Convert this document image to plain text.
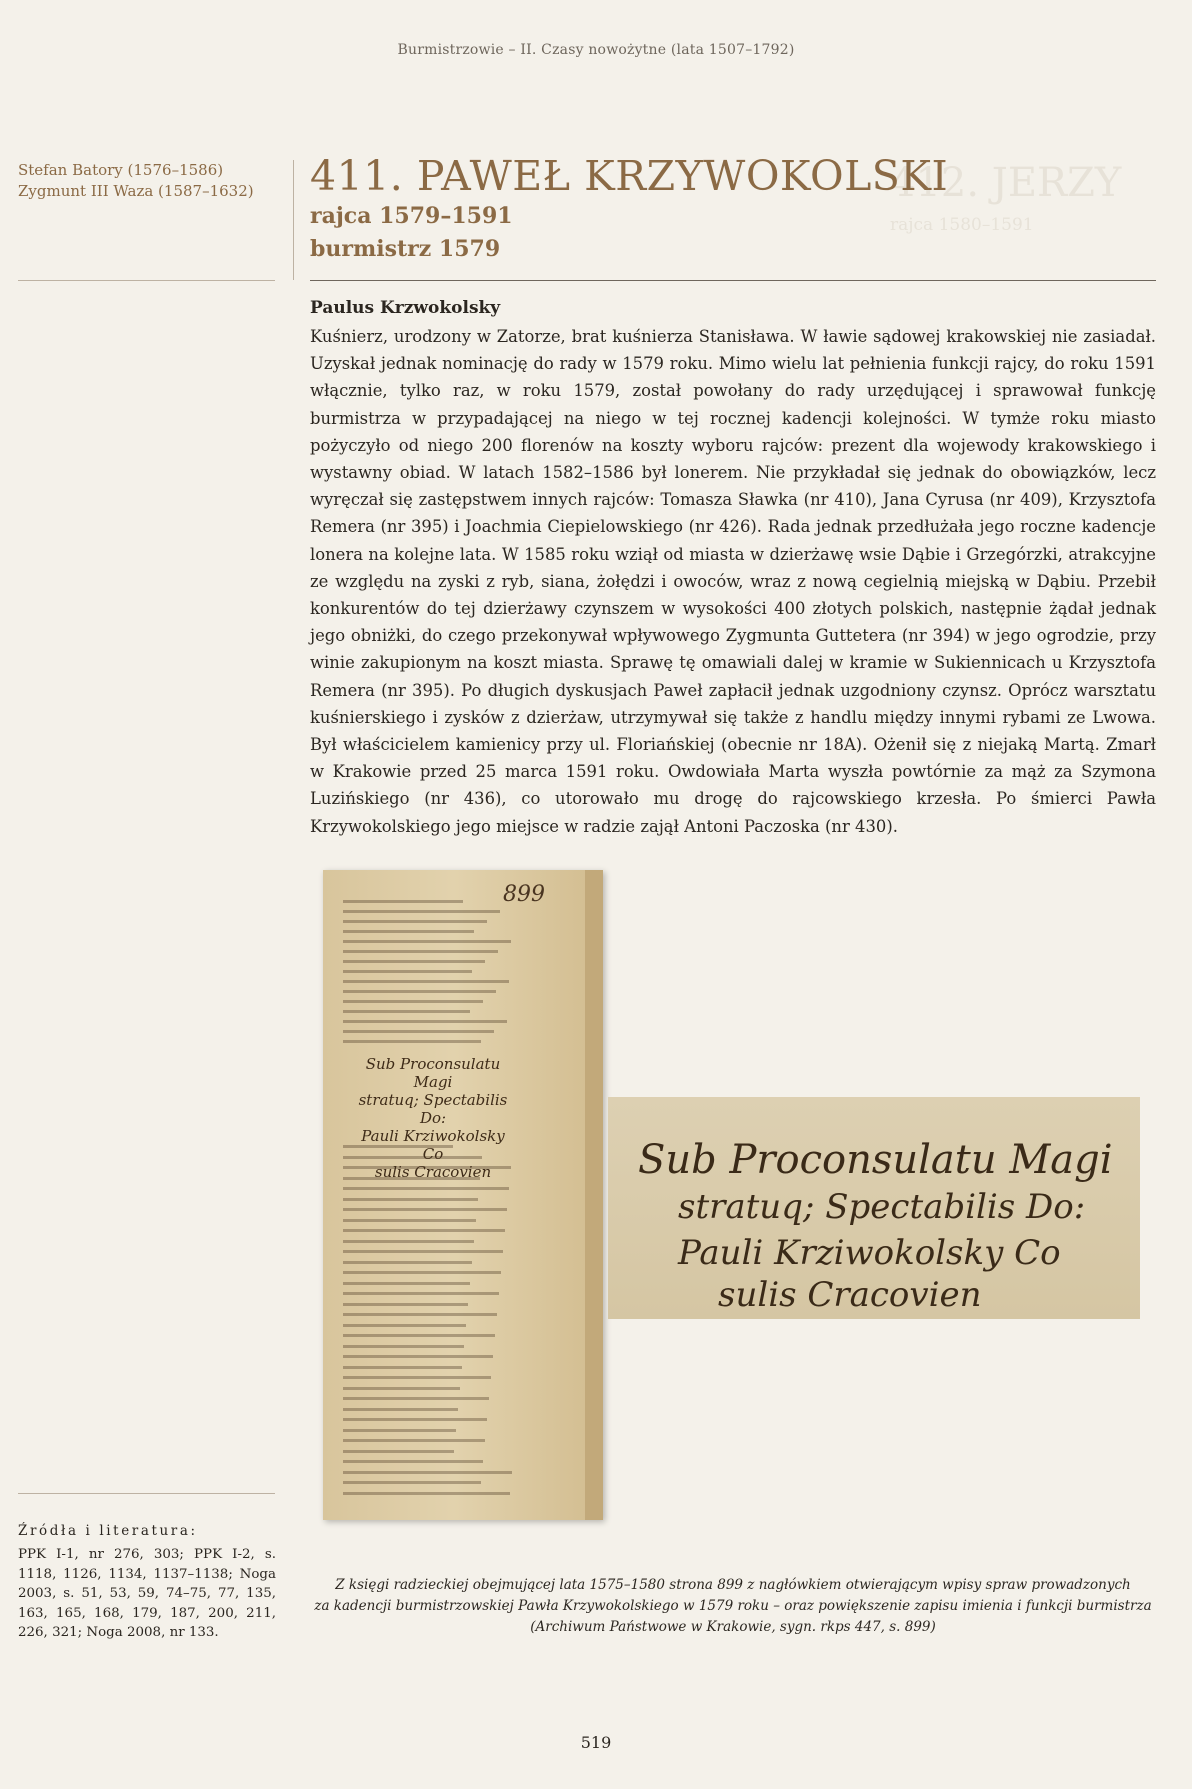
Burmistrzowie – II. Czasy nowożytne (lata 1507–1792)
Stefan Batory (1576–1586)
Zygmunt III Waza (1587–1632)	412. JERZY
rajca 1580–1591
411. PAWEŁ KRZYWOKOLSKI
rajca 1579–1591
burmistrz 1579
Paulus Krzwokolsky
Kuśnierz, urodzony w Zatorze, brat kuśnierza Stanisława. W ławie sądowej krakowskiej nie zasiadał. Uzyskał jednak nominację do rady w 1579 roku. Mimo wielu lat pełnienia funkcji rajcy, do roku 1591 włącznie, tylko raz, w roku 1579, został powołany do rady urzędującej i sprawował funkcję burmistrza w przypadającej na niego w tej rocznej kadencji kolejności. W tymże roku miasto pożyczyło od niego 200 florenów na koszty wyboru rajców: prezent dla wojewody krakowskiego i wystawny obiad. W latach 1582–1586 był lonerem. Nie przykładał się jednak do obowiązków, lecz wyręczał się zastępstwem innych rajców: Tomasza Sławka (nr 410), Jana Cyrusa (nr 409), Krzysztofa Remera (nr 395) i Joachmia Ciepielowskiego (nr 426). Rada jednak przedłużała jego roczne kadencje lonera na kolejne lata. W 1585 roku wziął od miasta w dzierżawę wsie Dąbie i Grzegórzki, atrakcyjne ze względu na zyski z ryb, siana, żołędzi i owoców, wraz z nową cegielnią miejską w Dąbiu. Przebił konkurentów do tej dzierżawy czynszem w wysokości 400 złotych polskich, następnie żądał jednak jego obniżki, do czego przekonywał wpływowego Zygmunta Guttetera (nr 394) w jego ogrodzie, przy winie zakupionym na koszt miasta. Sprawę tę omawiali dalej w kramie w Sukiennicach u Krzysztofa Remera (nr 395). Po długich dyskusjach Paweł zapłacił jednak uzgodniony czynsz. Oprócz warsztatu kuśnierskiego i zysków z dzierżaw, utrzymywał się także z handlu między innymi rybami ze Lwowa. Był właścicielem kamienicy przy ul. Floriańskiej (obecnie nr 18A). Ożenił się z niejaką Martą. Zmarł w Krakowie przed 25 marca 1591 roku. Owdowiała Marta wyszła powtórnie za mąż za Szymona Luzińskiego (nr 436), co utorowało mu drogę do rajcowskiego krzesła. Po śmierci Pawła Krzywokolskiego jego miejsce w radzie zajął Antoni Paczoska (nr 430).
899
Sub Proconsulatu Magi
stratuq; Spectabilis Do:
Pauli Krziwokolsky Co
sulis Cracovien	Sub Proconsulatu Magi
stratuq; Spectabilis Do:
Pauli Krziwokolsky Co
sulis Cracovien
Źródła i literatura:
PPK I-1, nr 276, 303; PPK I-2, s. 1118, 1126, 1134, 1137–1138; Noga 2003, s. 51, 53, 59, 74–75, 77, 135, 163, 165, 168, 179, 187, 200, 211, 226, 321; Noga 2008, nr 133.
Z księgi radzieckiej obejmującej lata 1575–1580 strona 899 z nagłówkiem otwierającym wpisy spraw prowadzonych
za kadencji burmistrzowskiej Pawła Krzywokolskiego w 1579 roku – oraz powiększenie zapisu imienia i funkcji burmistrza
(Archiwum Państwowe w Krakowie, sygn. rkps 447, s. 899)
519
